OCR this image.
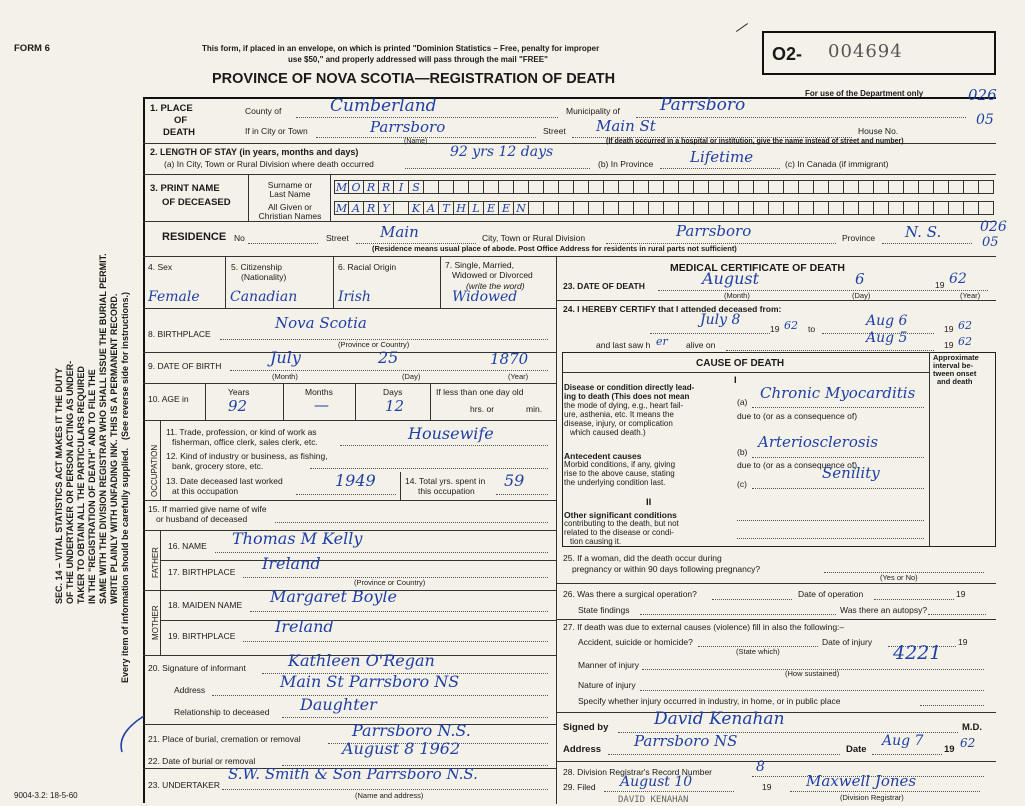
FORM 6	This form, if placed in an envelope, on which is printed "Dominion Statistics – Free, penalty for improper
use $50," and properly addressed will pass through the mail "FREE"
PROVINCE OF NOVA SCOTIA—REGISTRATION OF DEATH
O2- 004694
For use of the Department only
SEC. 14 – VITAL STATISTICS ACT MAKES IT THE DUTY OF THE UNDERTAKER OR PERSON ACTING AS UNDER- TAKER TO OBTAIN ALL THE PARTICULARS REQUIRED IN THE "REGISTRATION OF DEATH" AND TO FILE THE SAME WITH THE DIVISION REGISTRAR WHO SHALL ISSUE THE BURIAL PERMIT. WRITE PLAINLY WITH UNFADING INK. THIS IS A PERMANENT RECORD. (See reverse side for instructions.)
Every item of information should be carefully supplied.
1. PLACE
OF
DEATH
County of	Cumberland	Municipality of Parrsboro	026
If in City or Town	Parrsboro
(Name)
Street Main St	House No.
05
(If death occurred in a hospital or institution, give the name instead of street and number)
2. LENGTH OF STAY (in years, months and days)
(a) In City, Town or Rural Division where death occurred
92 yrs 12 days
(b) In Province Lifetime	(c) In Canada (if immigrant)
3. PRINT NAME
OF DECEASED
Surname or
Last Name
All Given or
Christian Names
M O R R I S
M A R Y	K A T H L E E N
RESIDENCE No	Street Main	City, Town or Rural Division	Parrsboro	Province N. S.	026
05
(Residence means usual place of abode. Post Office Address for residents in rural parts not sufficient)
4. Sex	5. Citizenship
(Nationality)
6. Racial Origin	7. Single, Married,
Widowed or Divorced
(write the word)
Female Canadian	Irish	Widowed
8. BIRTHPLACE
Nova Scotia
(Province or Country)
9. DATE OF BIRTH	July	25	1870
(Month)	(Day)	(Year)
10. AGE in
Years	Months	Days	If less than one day old
hrs. or	min.
92	—	12
OCCUPATION
11. Trade, profession, or kind of work as
fisherman, office clerk, sales clerk, etc.	Housewife
12. Kind of industry or business, as fishing,
bank, grocery store, etc.
13. Date deceased last worked
at this occupation
1949	14. Total yrs. spent in
this occupation
59
15. If married give name of wife
or husband of deceased
FATHER
16. NAME Thomas M Kelly
17. BIRTHPLACE Ireland
(Province or Country)
MOTHER
18. MAIDEN NAME Margaret Boyle
19. BIRTHPLACE Ireland
20. Signature of informant	Kathleen O'Regan
Address	Main St Parrsboro NS
Relationship to deceased Daughter
21. Place of burial, cremation or removal	Parrsboro N.S.
22. Date of burial or removal
August 8 1962
23. UNDERTAKER
S.W. Smith & Son Parrsboro N.S.
(Name and address)
9004-3.2: 18-5-60
23. DATE OF DEATH
MEDICAL CERTIFICATE OF DEATH
August	6	19 62
(Month)	(Day)	(Year)
24. I HEREBY CERTIFY that I attended deceased from:
July 8
19 62 to	Aug 6	19 62
and last saw h er alive on	Aug 5	19 62
CAUSE OF DEATH
Approximate
interval be-
tween onset
and death
I
Disease or condition directly lead-
ing to death (This does not mean
the mode of dying, e.g., heart fail-
ure, asthenia, etc. It means the
disease, injury, or complication
which caused death.)
(a) Chronic Myocarditis
due to (or as a consequence of)
Antecedent causes
Morbid conditions, if any, giving
rise to the above cause, stating
the underlying condition last.
(b)
Arteriosclerosis
due to (or as a consequence of)
(c)
Senility
II
Other significant conditions
contributing to the death, but not
related to the disease or condi-
tion causing it.
25. If a woman, did the death occur during
pregnancy or within 90 days following pregnancy?
(Yes or No)
26. Was there a surgical operation?	Date of operation	19
State findings	Was there an autopsy?
27. If death was due to external causes (violence) fill in also the following:–
Accident, suicide or homicide?	Date of injury	19
(State which)	4221
Manner of injury
(How sustained)
Nature of injury
Specify whether injury occurred in industry, in home, or in public place
Signed by	David Kenahan	M.D.
Address Parrsboro NS	Date
Aug 7
19 62
28. Division Registrar's Record Number	8
29. Filed August 10	19 Maxwell Jones
(Division Registrar)
DAVID KENAHAN
